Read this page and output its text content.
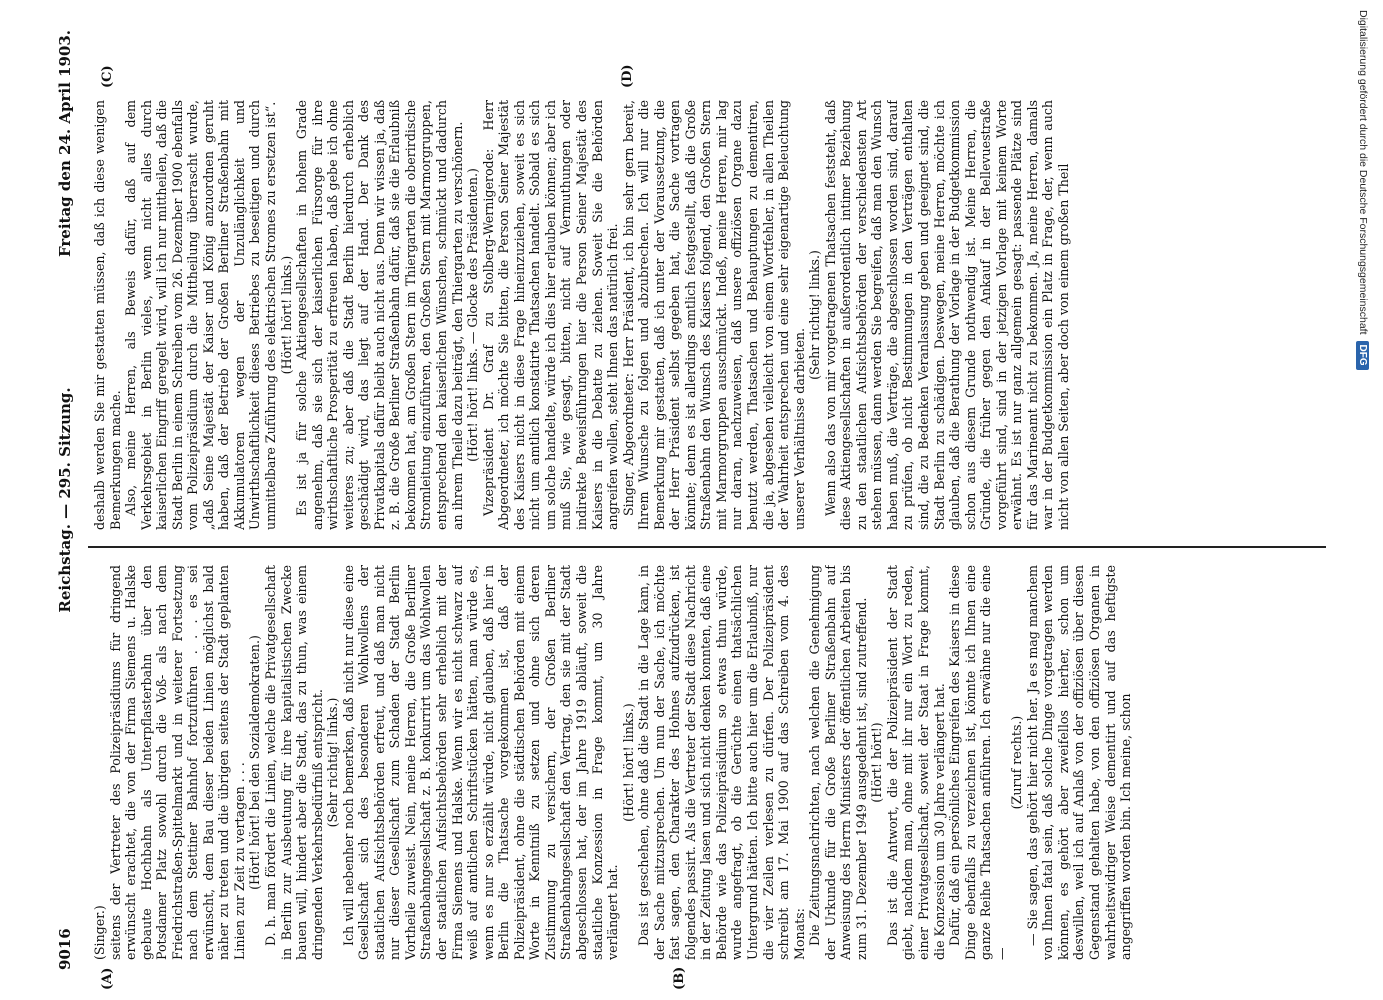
9016
Reichstag. — 295. Sitzung.
Freitag den 24. April 1903.
(A)	(B)
(C)	(D)

(Singer.) seitens der Vertreter des Polizeipräsidiums für dringend erwünscht erachtet, die von der Firma Siemens u. Halske gebaute Hochbahn als Unterpflasterbahn über den Potsdamer Platz sowohl durch die Voß- als nach dem Friedrichstraßen-Spittelmarkt und in weiterer Fortsetzung nach dem Stettiner Bahnhof fortzuführen . . . es sei erwünscht, dem Bau dieser beiden Linien möglichst bald näher zu treten und die übrigen seitens der Stadt geplanten Linien zur Zeit zu vertagen . . . (Hört! hört! bei den Sozialdemokraten.) D. h. man fördert die Linien, welche die Privatgesellschaft in Berlin zur Ausbeutung für ihre kapitalistischen Zwecke bauen will, hindert aber die Stadt, das zu thun, was einem dringenden Verkehrsbedürfniß entspricht. (Sehr richtig! links.) Ich will nebenher noch bemerken, daß nicht nur diese eine Gesellschaft sich des besonderen Wohlwollens der staatlichen Aufsichtsbehörden erfreut, und daß man nicht nur dieser Gesellschaft zum Schaden der Stadt Berlin Vortheile zuweist. Nein, meine Herren, die Große Berliner Straßenbahngesellschaft z. B. konkurrirt um das Wohlwollen der staatlichen Aufsichtsbehörden sehr erheblich mit der Firma Siemens und Halske. Wenn wir es nicht schwarz auf weiß auf amtlichen Schriftstücken hätten, man würde es, wenn es nur so erzählt würde, nicht glauben, daß hier in Berlin die Thatsache vorgekommen ist, daß der Polizeipräsident, ohne die städtischen Behörden mit einem Worte in Kenntniß zu setzen und ohne sich deren Zustimmung zu versichern, der Großen Berliner Straßenbahngesellschaft den Vertrag, den sie mit der Stadt abgeschlossen hat, der im Jahre 1919 abläuft, soweit die staatliche Konzession in Frage kommt, um 30 Jahre verlängert hat.

(Hört! hört! links.) Das ist geschehen, ohne daß die Stadt in die Lage kam, in der Sache mitzusprechen. Um nun der Sache, ich möchte fast sagen, den Charakter des Hohnes aufzudrücken, ist folgendes passirt. Als die Vertreter der Stadt diese Nachricht in der Zeitung lasen und sich nicht denken konnten, daß eine Behörde wie das Polizeipräsidium so etwas thun würde, wurde angefragt, ob die Gerüchte einen thatsächlichen Untergrund hätten. Ich bitte auch hier um die Erlaubniß, nur die vier Zeilen verlesen zu dürfen. Der Polizeipräsident schreibt am 17. Mai 1900 auf das Schreiben vom 4. des Monats: Die Zeitungsnachrichten, nach welchen die Genehmigung der Urkunde für die Große Berliner Straßenbahn auf Anweisung des Herrn Ministers der öffentlichen Arbeiten bis zum 31. Dezember 1949 ausgedehnt ist, sind zutreffend. (Hört! hört!) Das ist die Antwort, die der Polizeipräsident der Stadt giebt, nachdem man, ohne mit ihr nur ein Wort zu reden, einer Privatgesellschaft, soweit der Staat in Frage kommt, die Konzession um 30 Jahre verlängert hat. Dafür, daß ein persönliches Eingreifen des Kaisers in diese Dinge ebenfalls zu verzeichnen ist, könnte ich Ihnen eine ganze Reihe Thatsachen anführen. Ich erwähne nur die eine —

(Zuruf rechts.) — Sie sagen, das gehört hier nicht her. Ja es mag manchem von Ihnen fatal sein, daß solche Dinge vorgetragen werden können, es gehört aber zweifellos hierher, schon um deswillen, weil ich auf Anlaß von der offiziösen über diesen Gegenstand gehalten habe, von den offiziösen Organen in wahrheitswidriger Weise dementirt und auf das heftigste angegriffen worden bin. Ich meine, schon

deshalb werden Sie mir gestatten müssen, daß ich diese wenigen Bemerkungen mache. Also, meine Herren, als Beweis dafür, daß auf dem Verkehrsgebiet in Berlin vieles, wenn nicht alles durch kaiserlichen Eingriff geregelt wird, will ich nur mittheilen, daß die Stadt Berlin in einem Schreiben vom 26. Dezember 1900 ebenfalls vom Polizeipräsidium durch die Mittheilung überrascht wurde, „daß Seine Majestät der Kaiser und König anzuordnen geruht haben, daß der Betrieb der Großen Berliner Straßenbahn mit Akkumulatoren wegen der Unzulänglichkeit und Unwirthschaftlichkeit dieses Betriebes zu beseitigen und durch unmittelbare Zuführung des elektrischen Stromes zu ersetzen ist“. (Hört! hört! links.) Es ist ja für solche Aktiengesellschaften in hohem Grade angenehm, daß sie sich der kaiserlichen Fürsorge für ihre wirthschaftliche Prosperität zu erfreuen haben, daß gebe ich ohne weiteres zu; aber daß die Stadt Berlin hierdurch erheblich geschädigt wird, das liegt auf der Hand. Der Dank des Privatkapitals dafür bleibt auch nicht aus. Denn wir wissen ja, daß z. B. die Große Berliner Straßenbahn dafür, daß sie die Erlaubniß bekommen hat, am Großen Stern im Thiergarten die oberirdische Stromleitung einzuführen, den Großen Stern mit Marmorgruppen, entsprechend den kaiserlichen Wünschen, schmückt und dadurch an ihrem Theile dazu beiträgt, den Thiergarten zu verschönern. (Hört! hört! links. — Glocke des Präsidenten.) Vizepräsident Dr. Graf zu Stolberg-Wernigerode: Herr Abgeordneter, ich möchte Sie bitten, die Person Seiner Majestät des Kaisers nicht in diese Frage hineinzuziehen, soweit es sich nicht um amtlich konstatirte Thatsachen handelt. Sobald es sich um solche handelte, würde ich dies hier erlauben können; aber ich muß Sie, wie gesagt, bitten, nicht auf Vermuthungen oder indirekte Beweisführungen hier die Person Seiner Majestät des Kaisers in die Debatte zu ziehen. Soweit Sie die Behörden angreifen wollen, steht Ihnen das natürlich frei. Singer, Abgeordneter: Herr Präsident, ich bin sehr gern bereit, Ihrem Wunsche zu folgen und abzubrechen. Ich will nur die Bemerkung mir gestatten, daß ich unter der Voraussetzung, die der Herr Präsident selbst gegeben hat, die Sache vortragen könnte; denn es ist allerdings amtlich festgestellt, daß die Große Straßenbahn den Wunsch des Kaisers folgend, den Großen Stern mit Marmorgruppen ausschmückt. Indeß, meine Herren, mir lag nur daran, nachzuweisen, daß unsere offiziösen Organe dazu benutzt werden, Thatsachen und Behauptungen zu dementiren, die ja, abgesehen vielleicht von einem Wortfehler, in allen Theilen der Wahrheit entsprechen und eine sehr eigenartige Beleuchtung unserer Verhältnisse darbieten.

(Sehr richtig! links.) Wenn also das von mir vorgetragenen Thatsachen feststeht, daß diese Aktiengesellschaften in außerordentlich intimer Beziehung zu den staatlichen Aufsichtsbehörden der verschiedensten Art stehen müssen, dann werden Sie begreifen, daß man den Wunsch haben muß, die Verträge, die abgeschlossen worden sind, darauf zu prüfen, ob nicht Bestimmungen in den Verträgen enthalten sind, die zu Bedenken Veranlassung geben und geeignet sind, die Stadt Berlin zu schädigen. Deswegen, meine Herren, möchte ich glauben, daß die Berathung der Vorlage in der Budgetkommission schon aus diesem Grunde nothwendig ist. Meine Herren, die Gründe, die früher gegen den Ankauf in der Bellevuestraße vorgeführt sind, sind in der jetzigen Vorlage mit keinem Worte erwähnt. Es ist nur ganz allgemein gesagt: passende Plätze sind für das Marineamt nicht zu bekommen. Ja, meine Herren, damals war in der Budgetkommission ein Platz in Frage, der, wenn auch nicht von allen Seiten, aber doch von einem großen Theil	Digitalisierung gefördert durch die Deutsche Forschungsgemeinschaft
DFG
